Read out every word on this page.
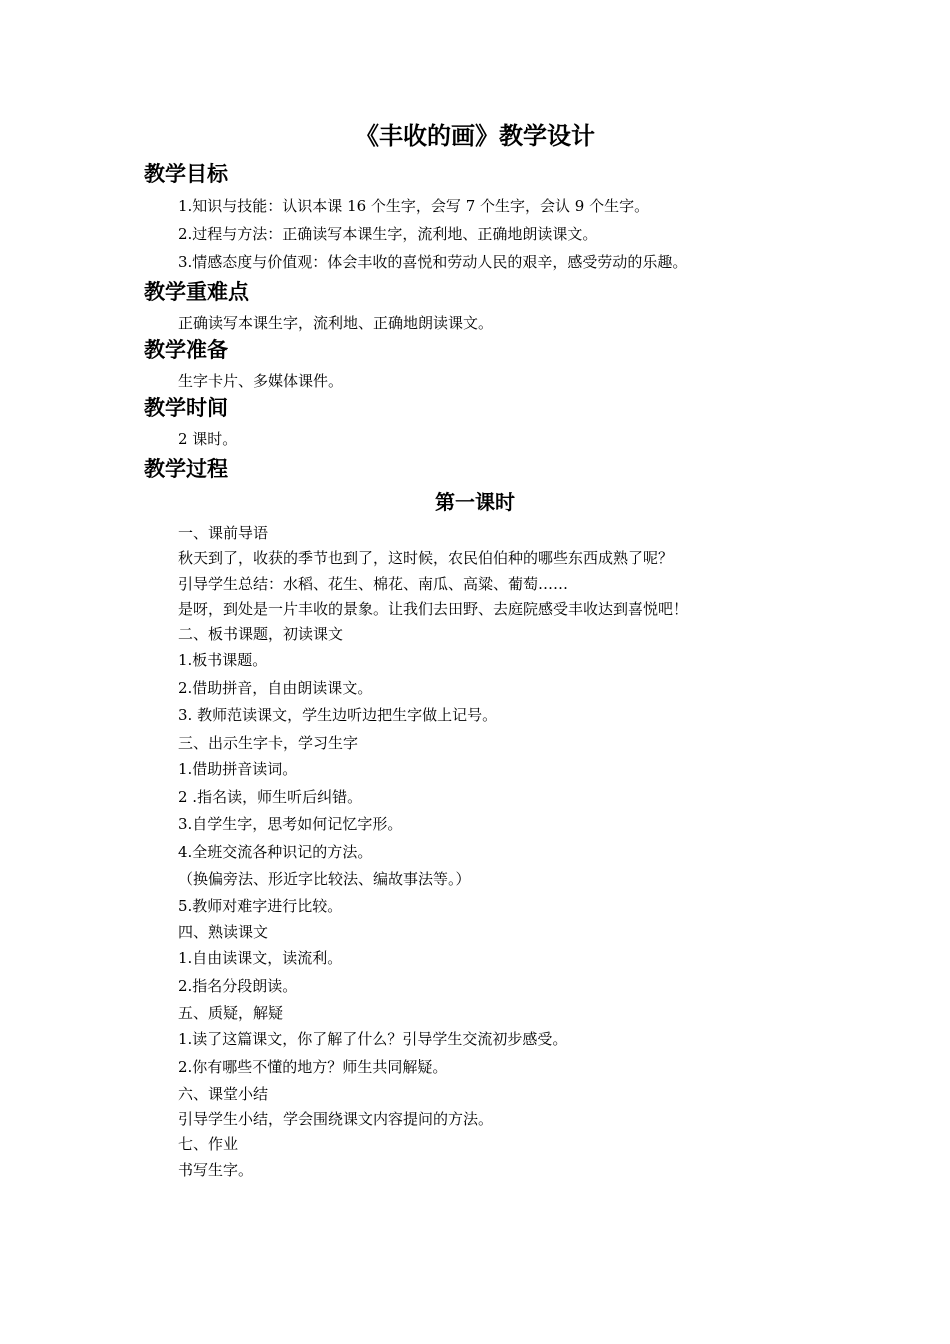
《丰收的画》教学设计
教学目标
1.知识与技能：认识本课 16 个生字，会写 7 个生字，会认 9 个生字。
2.过程与方法：正确读写本课生字，流利地、正确地朗读课文。
3.情感态度与价值观：体会丰收的喜悦和劳动人民的艰辛，感受劳动的乐趣。
教学重难点
正确读写本课生字，流利地、正确地朗读课文。
教学准备
生字卡片、多媒体课件。
教学时间
2 课时。
教学过程
第一课时
一、课前导语
秋天到了，收获的季节也到了，这时候，农民伯伯种的哪些东西成熟了呢？
引导学生总结：水稻、花生、棉花、南瓜、高粱、葡萄……
是呀，到处是一片丰收的景象。让我们去田野、去庭院感受丰收达到喜悦吧！
二、板书课题，初读课文
1.板书课题。
2.借助拼音，自由朗读课文。
3. 教师范读课文，学生边听边把生字做上记号。
三、出示生字卡，学习生字
1.借助拼音读词。
2 .指名读，师生听后纠错。
3.自学生字，思考如何记忆字形。
4.全班交流各种识记的方法。
（换偏旁法、形近字比较法、编故事法等。）
5.教师对难字进行比较。
四、熟读课文
1.自由读课文，读流利。
2.指名分段朗读。
五、质疑，解疑
1.读了这篇课文，你了解了什么？引导学生交流初步感受。
2.你有哪些不懂的地方？师生共同解疑。
六、课堂小结
引导学生小结，学会围绕课文内容提问的方法。
七、作业
书写生字。
